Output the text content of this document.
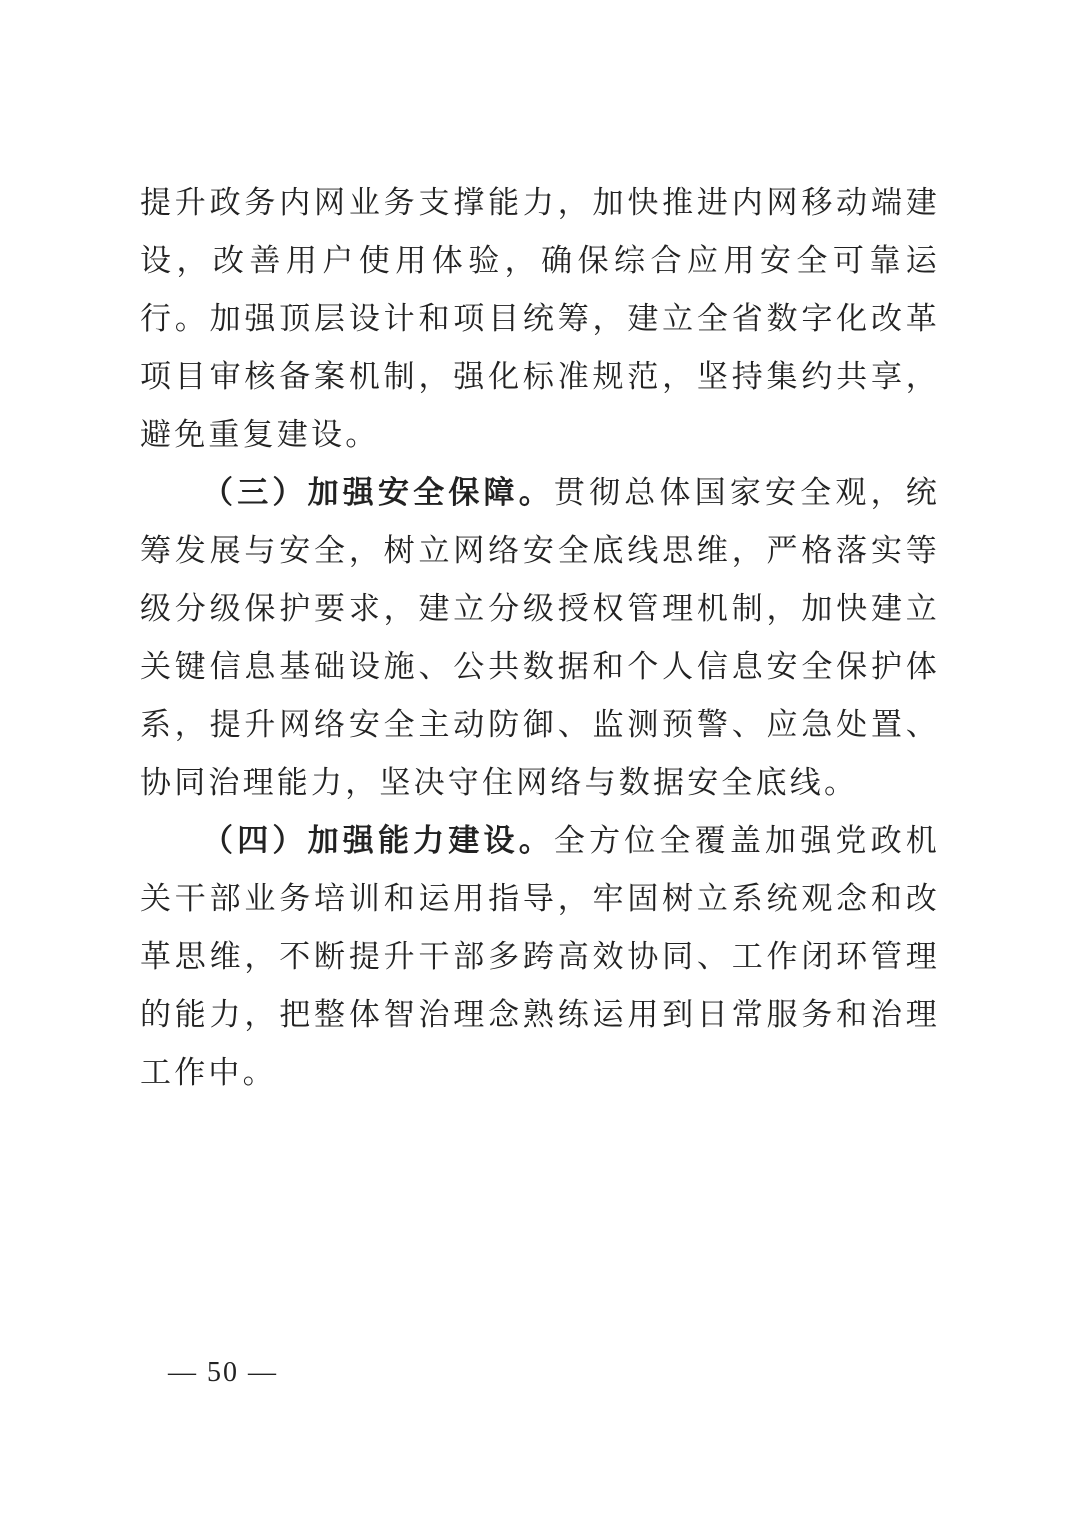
提升政务内网业务支撑能力，加快推进内网移动端建设，改善用户使用体验，确保综合应用安全可靠运行。加强顶层设计和项目统筹，建立全省数字化改革项目审核备案机制，强化标准规范，坚持集约共享，避免重复建设。

（三）加强安全保障。贯彻总体国家安全观，统筹发展与安全，树立网络安全底线思维，严格落实等级分级保护要求，建立分级授权管理机制，加快建立关键信息基础设施、公共数据和个人信息安全保护体系，提升网络安全主动防御、监测预警、应急处置、协同治理能力，坚决守住网络与数据安全底线。

（四）加强能力建设。全方位全覆盖加强党政机关干部业务培训和运用指导，牢固树立系统观念和改革思维，不断提升干部多跨高效协同、工作闭环管理的能力，把整体智治理念熟练运用到日常服务和治理工作中。

— 50 —
